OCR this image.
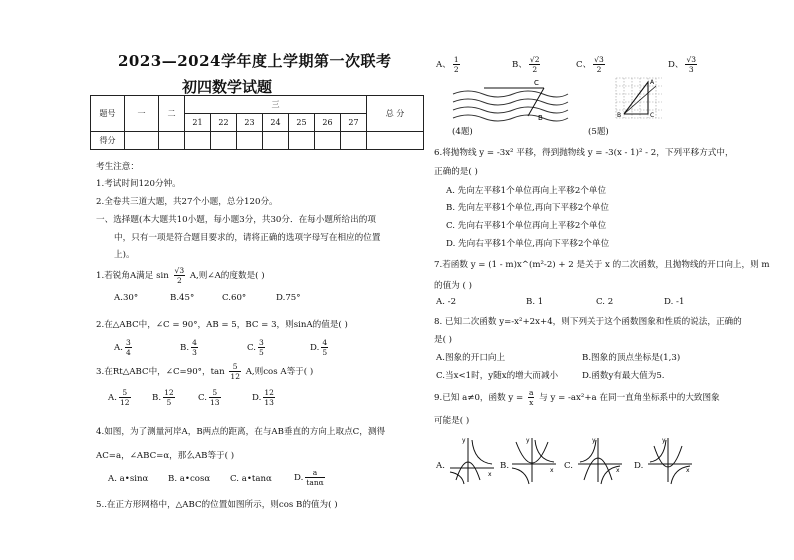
2023—2024学年度上学期第一次联考
初四数学试题
题号	一	二	三							总 分
			21	22	23	24	25	26	27	
得分										
考生注意：
1.考试时间120分钟。
2.全卷共三道大题，共27个小题，总分120分。
一、选择题(本大题共10小题，每小题3分，共30分．在每小题所给出的项
中，只有一项是符合题目要求的，请将正确的选项字母写在相应的位置
上)。
1.若锐角A满足 $\sin \frac{√3}{2} A$,则∠A的度数是( )
A.30°	B.45°	C.60°	D.75°
2.在△ABC中，∠C = 90°，AB = 5，BC = 3，则sinA的值是( )
A. $\frac{3}{4}$	B. $\frac{4}{3}$	C. $\frac{3}{5}$	D. $\frac{4}{5}$
3.在Rt△ABC中，∠C=90°，$\tan \frac{5}{12} A$,则cos A等于( )
A. $\frac{5}{12}$	B. $\frac{12}{5}$	C. $\frac{5}{13}$	D. $\frac{12}{13}$
4.如图，为了测量河岸A，B两点的距离，在与AB垂直的方向上取点C，测得
AC=a，∠ABC=α，那么AB等于( )
A. a•sinα B. a•cosα C. a•tanα	D. $\frac{a}{\tan\alpha}$
5..在正方形网格中，△ABC的位置如图所示，则cos B的值为( )
A、 $\frac{1}{2}$	B、 $\frac{√2}{2}$	C、 $\frac{√3}{2}$	D、 $\frac{√3}{3}$
C
B
(4题)
A
B	C
(5题)
6.将抛物线 y = -3x² 平移，得到抛物线 y = -3(x - 1)² - 2，下列平移方式中，
正确的是( )
A. 先向左平移1个单位再向上平移2个单位
B. 先向左平移1个单位,再向下平移2个单位
C. 先向右平移1个单位再向上平移2个单位
D. 先向右平移1个单位,再向下平移2个单位
7.若函数 y = (1 - m)x^(m²-2) + 2 是关于 x 的二次函数，且抛物线的开口向上，则 m
的值为 ( )
A. -2	B. 1	C. 2	D. -1
8. 已知二次函数 y=-x²+2x+4，则下列关于这个函数图象和性质的说法，正确的
是( )
A.图象的开口向上	B.图象的顶点坐标是(1,3)
C.当x<1时，y随x的增大而减小	D.函数y有最大值为5.
9.已知 a≠0，函数 $y = \frac{a}{x}$ 与 y = -ax²+a 在同一直角坐标系中的大致图象
可能是( )
A.
y
x
B.
y
x C.
y
x D.
y
x
